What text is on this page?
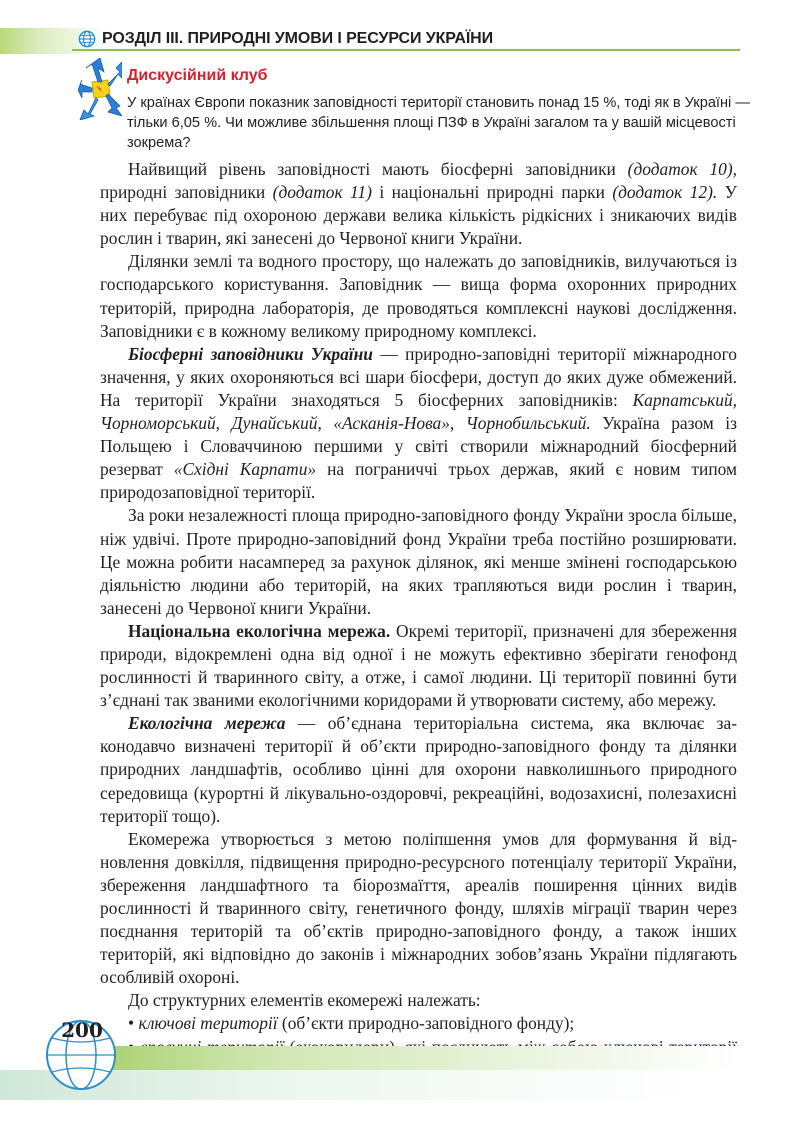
РОЗДІЛ ІІІ. ПРИРОДНІ УМОВИ І РЕСУРСИ УКРАЇНИ
Дискусійний клуб
У країнах Європи показник заповідності території становить понад 15 %, тоді як в Україні — тільки 6,05 %. Чи можливе збільшення площі ПЗФ в Україні загалом та у вашій місцевості зокрема?

Найвищий рівень заповідності мають біосферні заповідники (додаток 10), природні заповідники (додаток 11) і національні природні парки (додаток 12). У них перебуває під охороною держави велика кількість рідкісних і зникаючих видів рослин і тварин, які занесені до Червоної книги України.

Ділянки землі та водного простору, що належать до заповідників, вилучаються із господарського користування. Заповідник — вища форма охоронних природних територій, природна лабораторія, де проводяться комплексні наукові дослідження. Заповідники є в кожному великому природному комплексі.

Біосферні заповідники України — природно-заповідні території міжнародного значення, у яких охороняються всі шари біосфери, доступ до яких дуже обмежений. На території України знаходяться 5 біосферних заповідників: Карпатський, Чорноморський, Дунайський, «Асканія-Нова», Чорнобильський. Україна разом із Польщею і Словаччиною першими у світі створили міжнародний біосферний резерват «Східні Карпати» на пограниччі трьох держав, який є новим типом природозаповідної території.

За роки незалежності площа природно-заповідного фонду України зросла більше, ніж удвічі. Проте природно-заповідний фонд України треба постійно розширювати. Це можна робити насамперед за рахунок ділянок, які менше змінені господарською діяльністю людини або територій, на яких трапляються види рослин і тварин, занесені до Червоної книги України.

Національна екологічна мережа. Окремі території, призначені для збереження природи, відокремлені одна від одної і не можуть ефективно зберігати генофонд рослинності й тваринного світу, а отже, і самої людини. Ці території повинні бути з’єднані так званими екологічними коридорами й утворювати систему, або мережу.

Екологічна мережа — об’єднана територіальна система, яка включає законодавчо визначені території й об’єкти природно-заповідного фонду та ділянки природних ландшафтів, особливо цінні для охорони навколишнього природного середовища (курортні й лікувально-оздоровчі, рекреаційні, водозахисні, полезахисні території тощо).

Екомережа утворюється з метою поліпшення умов для формування й відновлення довкілля, підвищення природно-ресурсного потенціалу території України, збереження ландшафтного та біорозмаїття, ареалів поширення цінних видів рослинності й тваринного світу, генетичного фонду, шляхів міграції тварин через поєднання територій та об’єктів природно-заповідного фонду, а також інших територій, які відповідно до законів і міжнародних зобов’язань України підлягають особливій охороні.

До структурних елементів екомережі належать:

• ключові території (об’єкти природно-заповідного фонду);

200
